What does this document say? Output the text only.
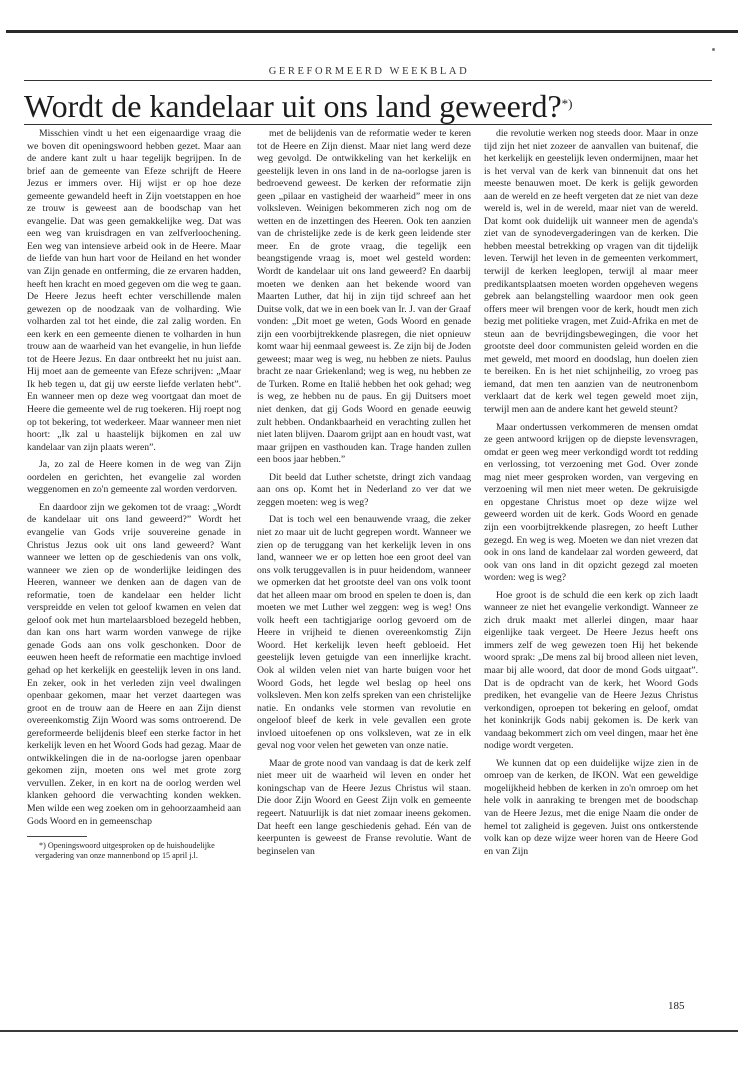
GEREFORMEERD WEEKBLAD
Wordt de kandelaar uit ons land geweerd?*)

Misschien vindt u het een eigenaardige vraag die we boven dit openingswoord hebben gezet. Maar aan de andere kant zult u haar tegelijk begrijpen. In de brief aan de gemeente van Efeze schrijft de Heere Jezus er immers over. Hij wijst er op hoe deze gemeente gewandeld heeft in Zijn voetstappen en hoe ze trouw is geweest aan de boodschap van het evangelie. Dat was geen gemakkelijke weg. Dat was een weg van kruisdragen en van zelfverloochening. Een weg van intensieve arbeid ook in de Heere. Maar de liefde van hun hart voor de Heiland en het wonder van Zijn genade en ontferming, die ze ervaren hadden, heeft hen kracht en moed gegeven om die weg te gaan. De Heere Jezus heeft echter verschillende malen gewezen op de noodzaak van de volharding. Wie volharden zal tot het einde, die zal zalig worden. En een kerk en een gemeente dienen te volharden in hun trouw aan de waarheid van het evangelie, in hun liefde tot de Heere Jezus. En daar ontbreekt het nu juist aan. Hij moet aan de gemeente van Efeze schrijven: „Maar Ik heb tegen u, dat gij uw eerste liefde verlaten hebt”. En wanneer men op deze weg voortgaat dan moet de Heere die gemeente wel de rug toekeren. Hij roept nog op tot bekering, tot wederkeer. Maar wanneer men niet hoort: „Ik zal u haastelijk bijkomen en zal uw kandelaar van zijn plaats weren”.

Ja, zo zal de Heere komen in de weg van Zijn oordelen en gerichten, het evangelie zal worden weggenomen en zo'n gemeente zal worden verdorven.

En daardoor zijn we gekomen tot de vraag: „Wordt de kandelaar uit ons land geweerd?” Wordt het evangelie van Gods vrije souvereine genade in Christus Jezus ook uit ons land geweerd? Want wanneer we letten op de geschiedenis van ons volk, wanneer we zien op de wonderlijke leidingen des Heeren, wanneer we denken aan de dagen van de reformatie, toen de kandelaar een helder licht verspreidde en velen tot geloof kwamen en velen dat geloof ook met hun martelaarsbloed bezegeld hebben, dan kan ons hart warm worden vanwege de rijke genade Gods aan ons volk geschonken. Door de eeuwen heen heeft de reformatie een machtige invloed gehad op het kerkelijk en geestelijk leven in ons land. En zeker, ook in het verleden zijn veel dwalingen openbaar gekomen, maar het verzet daartegen was groot en de trouw aan de Heere en aan Zijn dienst overeenkomstig Zijn Woord was soms ontroerend. De gereformeerde belijdenis bleef een sterke factor in het kerkelijk leven en het Woord Gods had gezag. Maar de ontwikkelingen die in de na-oorlogse jaren openbaar gekomen zijn, moeten ons wel met grote zorg vervullen. Zeker, in en kort na de oorlog werden wel klanken gehoord die verwachting konden wekken. Men wilde een weg zoeken om in gehoorzaamheid aan Gods Woord en in gemeenschap

*) Openingswoord uitgesproken op de huishoudelijke vergadering van onze mannenbond op 15 april j.l.

met de belijdenis van de reformatie weder te keren tot de Heere en Zijn dienst. Maar niet lang werd deze weg gevolgd. De ontwikkeling van het kerkelijk en geestelijk leven in ons land in de na-oorlogse jaren is bedroevend geweest. De kerken der reformatie zijn geen „pilaar en vastigheid der waarheid” meer in ons volksleven. Weinigen bekommeren zich nog om de wetten en de inzettingen des Heeren. Ook ten aanzien van de christelijke zede is de kerk geen leidende ster meer. En de grote vraag, die tegelijk een beangstigende vraag is, moet wel gesteld worden: Wordt de kandelaar uit ons land geweerd? En daarbij moeten we denken aan het bekende woord van Maarten Luther, dat hij in zijn tijd schreef aan het Duitse volk, dat we in een boek van Ir. J. van der Graaf vonden: „Dit moet ge weten, Gods Woord en genade zijn een voorbijtrekkende plasregen, die niet opnieuw komt waar hij eenmaal geweest is. Ze zijn bij de Joden geweest; maar weg is weg, nu hebben ze niets. Paulus bracht ze naar Griekenland; weg is weg, nu hebben ze de Turken. Rome en Italië hebben het ook gehad; weg is weg, ze hebben nu de paus. En gij Duitsers moet niet denken, dat gij Gods Woord en genade eeuwig zult hebben. Ondankbaarheid en verachting zullen het niet laten blijven. Daarom grijpt aan en houdt vast, wat maar grijpen en vasthouden kan. Trage handen zullen een boos jaar hebben.”

Dit beeld dat Luther schetste, dringt zich vandaag aan ons op. Komt het in Nederland zo ver dat we zeggen moeten: weg is weg?

Dat is toch wel een benauwende vraag, die zeker niet zo maar uit de lucht gegrepen wordt. Wanneer we zien op de teruggang van het kerkelijk leven in ons land, wanneer we er op letten hoe een groot deel van ons volk teruggevallen is in puur heidendom, wanneer we opmerken dat het grootste deel van ons volk toont dat het alleen maar om brood en spelen te doen is, dan moeten we met Luther wel zeggen: weg is weg! Ons volk heeft een tachtigjarige oorlog gevoerd om de Heere in vrijheid te dienen overeenkomstig Zijn Woord. Het kerkelijk leven heeft gebloeid. Het geestelijk leven getuigde van een innerlijke kracht. Ook al wilden velen niet van harte buigen voor het Woord Gods, het legde wel beslag op heel ons volksleven. Men kon zelfs spreken van een christelijke natie. En ondanks vele stormen van revolutie en ongeloof bleef de kerk in vele gevallen een grote invloed uitoefenen op ons volksleven, wat ze in elk geval nog voor velen het geweten van onze natie.

Maar de grote nood van vandaag is dat de kerk zelf niet meer uit de waarheid wil leven en onder het koningschap van de Heere Jezus Christus wil staan. Die door Zijn Woord en Geest Zijn volk en gemeente regeert. Natuurlijk is dat niet zomaar ineens gekomen. Dat heeft een lange geschiedenis gehad. Eén van de keerpunten is geweest de Franse revolutie. Want de beginselen van

die revolutie werken nog steeds door. Maar in onze tijd zijn het niet zozeer de aanvallen van buitenaf, die het kerkelijk en geestelijk leven ondermijnen, maar het is het verval van de kerk van binnenuit dat ons het meeste benauwen moet. De kerk is gelijk geworden aan de wereld en ze heeft vergeten dat ze niet van deze wereld is, wel in de wereld, maar niet van de wereld. Dat komt ook duidelijk uit wanneer men de agenda's ziet van de synodevergaderingen van de kerken. Die hebben meestal betrekking op vragen van dit tijdelijk leven. Terwijl het leven in de gemeenten verkommert, terwijl de kerken leeglopen, terwijl al maar meer predikantsplaatsen moeten worden opgeheven wegens gebrek aan belangstelling waardoor men ook geen offers meer wil brengen voor de kerk, houdt men zich bezig met politieke vragen, met Zuid-Afrika en met de steun aan de bevrijdingsbewegingen, die voor het grootste deel door communisten geleid worden en die met geweld, met moord en doodslag, hun doelen zien te bereiken. En is het niet schijnheilig, zo vroeg pas iemand, dat men ten aanzien van de neutronenbom verklaart dat de kerk wel tegen geweld moet zijn, terwijl men aan de andere kant het geweld steunt?

Maar ondertussen verkommeren de mensen omdat ze geen antwoord krijgen op de diepste levensvragen, omdat er geen weg meer verkondigd wordt tot redding en verlossing, tot verzoening met God. Over zonde mag niet meer gesproken worden, van vergeving en verzoening wil men niet meer weten. De gekruisigde en opgestane Christus moet op deze wijze wel geweerd worden uit de kerk. Gods Woord en genade zijn een voorbijtrekkende plasregen, zo heeft Luther gezegd. En weg is weg. Moeten we dan niet vrezen dat ook in ons land de kandelaar zal worden geweerd, dat ook van ons land in dit opzicht gezegd zal moeten worden: weg is weg?

Hoe groot is de schuld die een kerk op zich laadt wanneer ze niet het evangelie verkondigt. Wanneer ze zich druk maakt met allerlei dingen, maar haar eigenlijke taak vergeet. De Heere Jezus heeft ons immers zelf de weg gewezen toen Hij het bekende woord sprak: „De mens zal bij brood alleen niet leven, maar bij alle woord, dat door de mond Gods uitgaat”. Dat is de opdracht van de kerk, het Woord Gods prediken, het evangelie van de Heere Jezus Christus verkondigen, oproepen tot bekering en geloof, omdat het koninkrijk Gods nabij gekomen is. De kerk van vandaag bekommert zich om veel dingen, maar het ène nodige wordt vergeten.

We kunnen dat op een duidelijke wijze zien in de omroep van de kerken, de IKON. Wat een geweldige mogelijkheid hebben de kerken in zo'n omroep om het hele volk in aanraking te brengen met de boodschap van de Heere Jezus, met die enige Naam die onder de hemel tot zaligheid is gegeven. Juist ons ontkerstende volk kan op deze wijze weer horen van de Heere God en van Zijn

185
